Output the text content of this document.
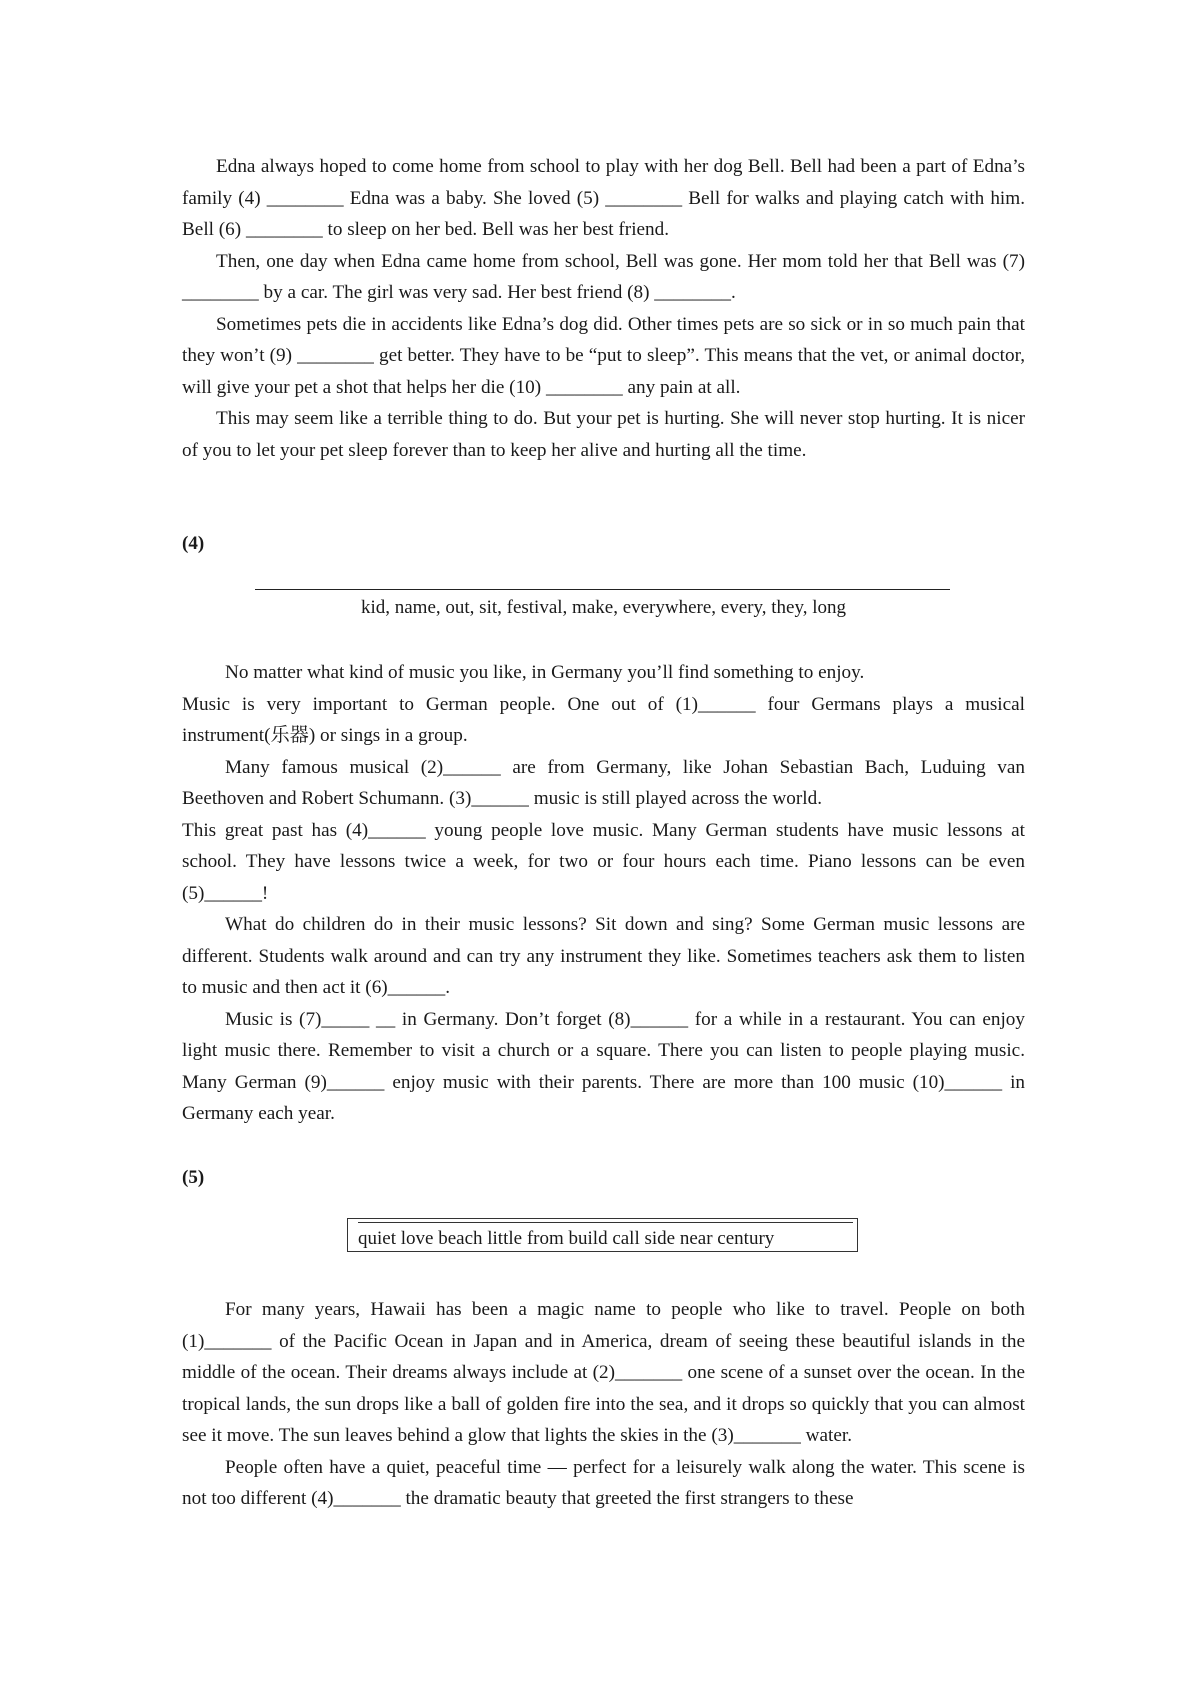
Edna always hoped to come home from school to play with her dog Bell. Bell had been a part of Edna’s family (4) ________ Edna was a baby. She loved (5) ________ Bell for walks and playing catch with him. Bell (6) ________ to sleep on her bed. Bell was her best friend.

Then, one day when Edna came home from school, Bell was gone. Her mom told her that Bell was (7) ________ by a car. The girl was very sad. Her best friend (8) ________.

Sometimes pets die in accidents like Edna’s dog did. Other times pets are so sick or in so much pain that they won’t (9) ________ get better. They have to be “put to sleep”. This means that the vet, or animal doctor, will give your pet a shot that helps her die (10) ________ any pain at all.

This may seem like a terrible thing to do. But your pet is hurting. She will never stop hurting. It is nicer of you to let your pet sleep forever than to keep her alive and hurting all the time.

(4)

kid, name, out, sit, festival, make, everywhere, every, they, long

No matter what kind of music you like, in Germany you’ll find something to enjoy.

Music is very important to German people. One out of (1)______ four Germans plays a musical instrument(乐器) or sings in a group.

Many famous musical (2)______ are from Germany, like Johan Sebastian Bach, Luduing van Beethoven and Robert Schumann. (3)______ music is still played across the world.

This great past has (4)______ young people love music. Many German students have music lessons at school. They have lessons twice a week, for two or four hours each time. Piano lessons can be even (5)______!

What do children do in their music lessons? Sit down and sing? Some German music lessons are different. Students walk around and can try any instrument they like. Sometimes teachers ask them to listen to music and then act it (6)______.

Music is (7)_____ __ in Germany. Don’t forget (8)______ for a while in a restaurant. You can enjoy light music there. Remember to visit a church or a square. There you can listen to people playing music. Many German (9)______ enjoy music with their parents. There are more than 100 music (10)______ in Germany each year.

(5)

quiet love beach little from build call side near century

For many years, Hawaii has been a magic name to people who like to travel. People on both (1)_______ of the Pacific Ocean in Japan and in America, dream of seeing these beautiful islands in the middle of the ocean. Their dreams always include at (2)_______ one scene of a sunset over the ocean. In the tropical lands, the sun drops like a ball of golden fire into the sea, and it drops so quickly that you can almost see it move. The sun leaves behind a glow that lights the skies in the (3)_______ water.

People often have a quiet, peaceful time — perfect for a leisurely walk along the water. This scene is not too different (4)_______ the dramatic beauty that greeted the first strangers to these
